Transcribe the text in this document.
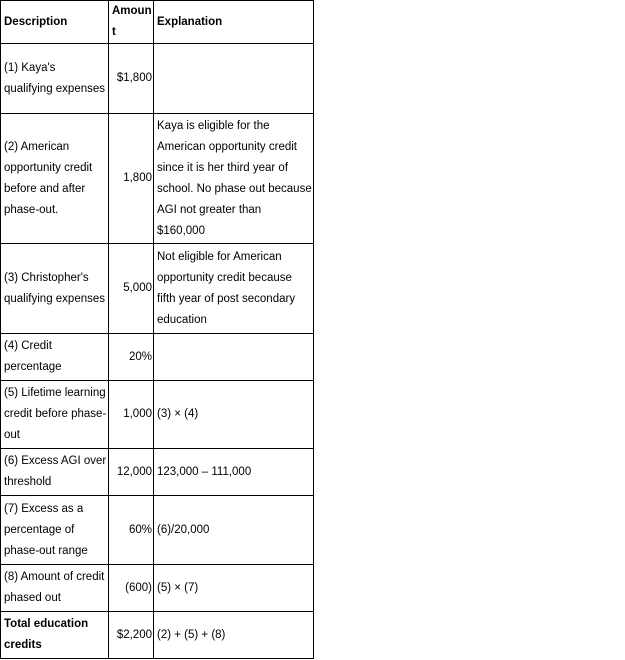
Description	Amount	Explanation
(1) Kaya's qualifying expenses	$1,800	
(2) American opportunity credit before and after phase-out.	1,800	Kaya is eligible for the American opportunity credit since it is her third year of school. No phase out because AGI not greater than $160,000
(3) Christopher's qualifying expenses	5,000	Not eligible for American opportunity credit because fifth year of post secondary education
(4) Credit percentage	20%	
(5) Lifetime learning credit before phase-out	1,000	(3) × (4)
(6) Excess AGI over threshold	12,000	123,000 – 111,000
(7) Excess as a percentage of phase-out range	60%	(6)/20,000
(8) Amount of credit phased out	(600)	(5) × (7)
Total education credits	$2,200	(2) + (5) + (8)
